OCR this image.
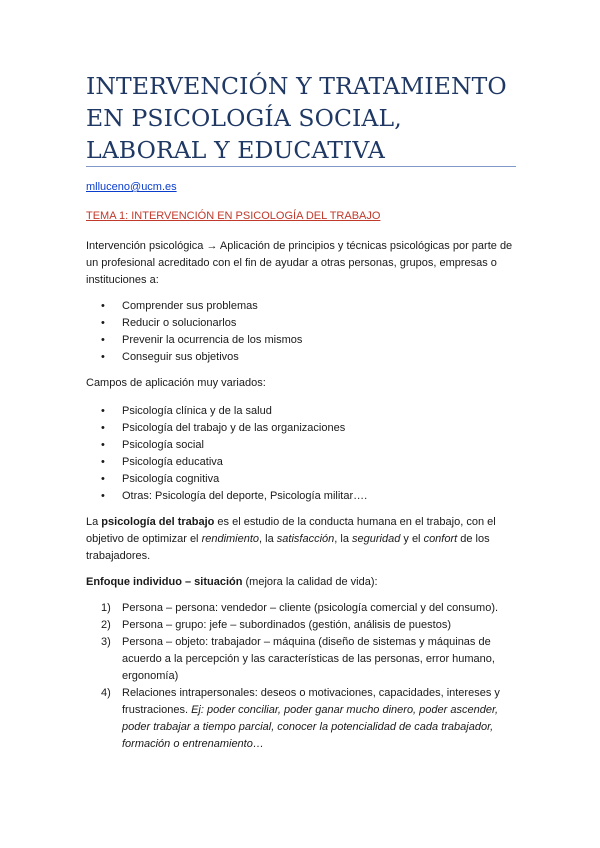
INTERVENCIÓN Y TRATAMIENTO EN PSICOLOGÍA SOCIAL, LABORAL Y EDUCATIVA
mlluceno@ucm.es
TEMA 1: INTERVENCIÓN EN PSICOLOGÍA DEL TRABAJO

Intervención psicológica → Aplicación de principios y técnicas psicológicas por parte de un profesional acreditado con el fin de ayudar a otras personas, grupos, empresas o instituciones a:

• Comprender sus problemas
• Reducir o solucionarlos
• Prevenir la ocurrencia de los mismos
• Conseguir sus objetivos

Campos de aplicación muy variados:

• Psicología clínica y de la salud
• Psicología del trabajo y de las organizaciones
• Psicología social
• Psicología educativa
• Psicología cognitiva
• Otras: Psicología del deporte, Psicología militar….

La psicología del trabajo es el estudio de la conducta humana en el trabajo, con el objetivo de optimizar el rendimiento, la satisfacción, la seguridad y el confort de los trabajadores.

Enfoque individuo – situación (mejora la calidad de vida):

1) Persona – persona: vendedor – cliente (psicología comercial y del consumo).
2) Persona – grupo: jefe – subordinados (gestión, análisis de puestos)
3) Persona – objeto: trabajador – máquina (diseño de sistemas y máquinas de acuerdo a la percepción y las características de las personas, error humano, ergonomía)
4) Relaciones intrapersonales: deseos o motivaciones, capacidades, intereses y frustraciones. Ej: poder conciliar, poder ganar mucho dinero, poder ascender, poder trabajar a tiempo parcial, conocer la potencialidad de cada trabajador, formación o entrenamiento…
